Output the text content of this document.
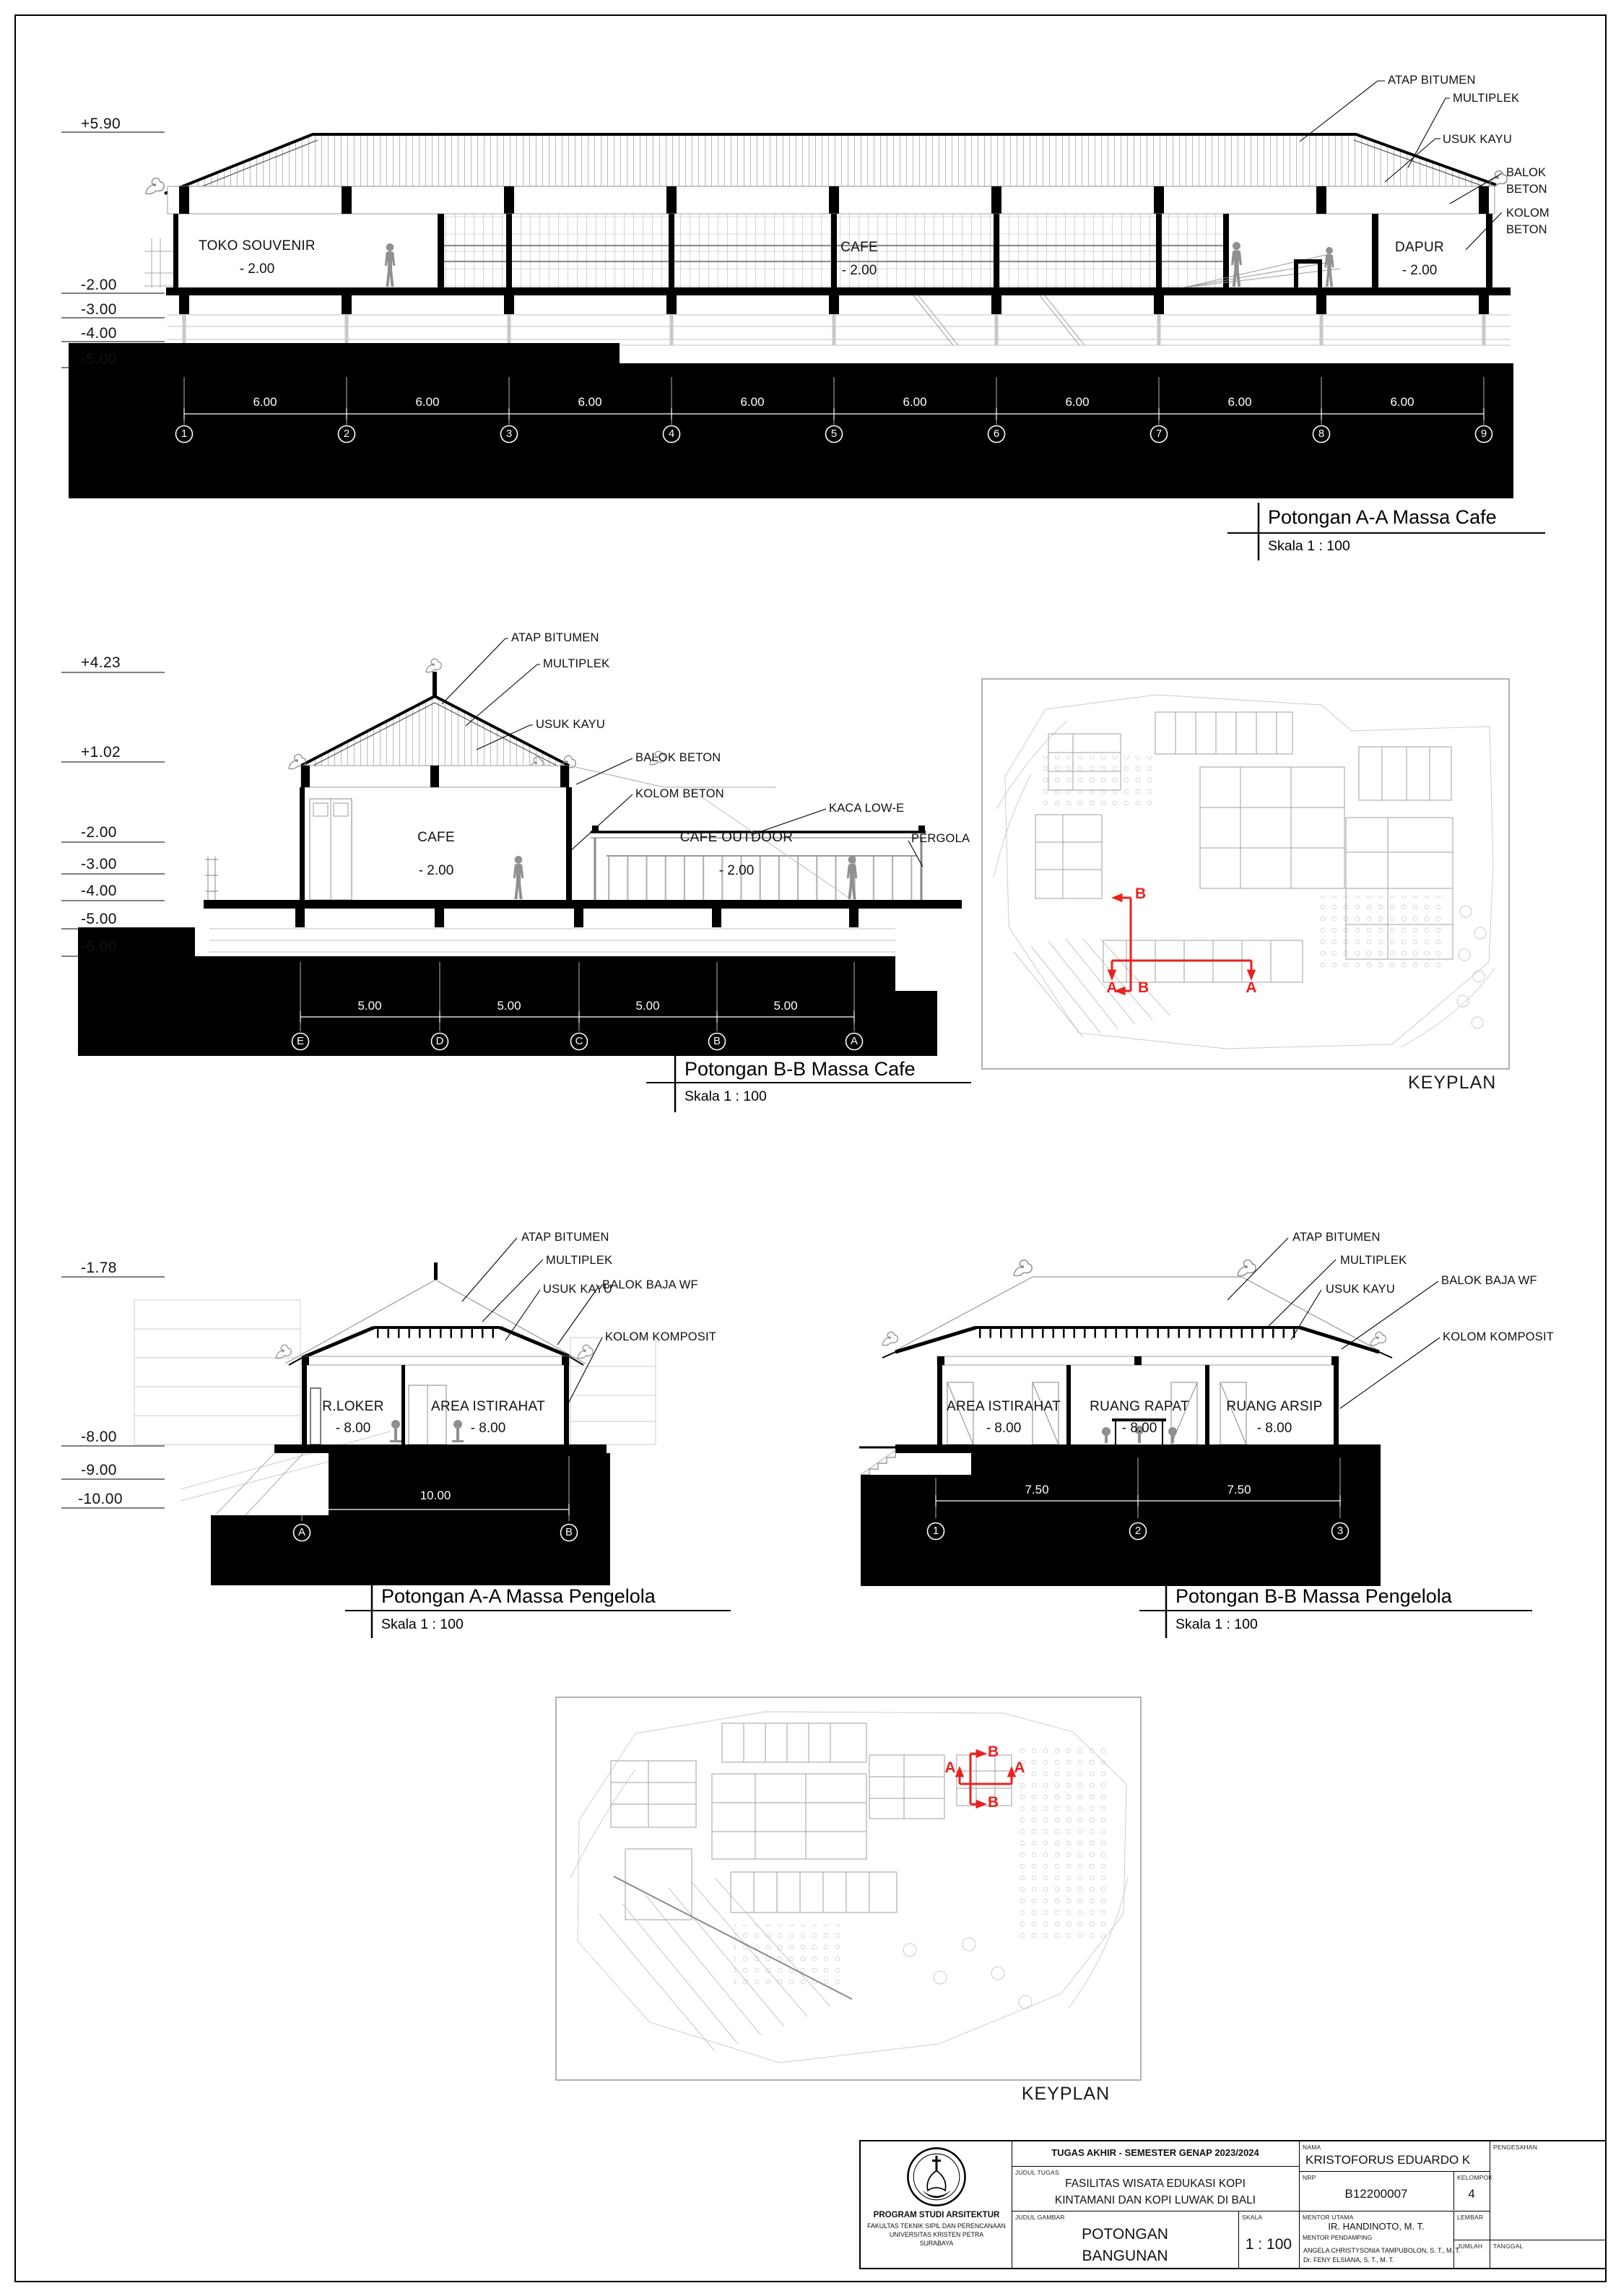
+5.90
-2.00
-3.00
-4.00
-5.00
TOKO SOUVENIR
- 2.00
CAFE
- 2.00
DAPUR
- 2.00
ATAP BITUMEN
MULTIPLEK
USUK KAYU
BALOK BETON
KOLOM BETON
6.00	6.00	6.00	6.00	6.00	6.00	6.00	6.00
1	2	3	4	5	6	7	8	9
Potongan A-A Massa Cafe
Skala 1 : 100
+4.23
+1.02
-2.00
-3.00
-4.00
-5.00
-6.00
CAFE
- 2.00
CAFE OUTDOOR
- 2.00
ATAP BITUMEN
MULTIPLEK
USUK KAYU
BALOK BETON
KOLOM BETON
KACA LOW-E
PERGOLA
5.00	5.00	5.00	5.00
E	D	C	B	A
Potongan B-B Massa Cafe
Skala 1 : 100
B
B
A	A
KEYPLAN
-1.78
-8.00
-9.00
-10.00
R.LOKER
- 8.00
AREA ISTIRAHAT
- 8.00
ATAP BITUMEN
MULTIPLEK
USUK KAYU
BALOK BAJA WF
KOLOM KOMPOSIT
10.00
A	B
Potongan A-A Massa Pengelola
Skala 1 : 100
AREA ISTIRAHAT
- 8.00
RUANG RAPAT
- 8.00
RUANG ARSIP
- 8.00
ATAP BITUMEN
MULTIPLEK
USUK KAYU
BALOK BAJA WF
KOLOM KOMPOSIT
7.50	7.50
1	2	3
Potongan B-B Massa Pengelola
Skala 1 : 100
B
B
A	A
KEYPLAN
PROGRAM STUDI ARSITEKTUR
FAKULTAS TEKNIK SIPIL DAN PERENCANAAN
UNIVERSITAS KRISTEN PETRA
SURABAYA
TUGAS AKHIR - SEMESTER GENAP 2023/2024
JUDUL TUGAS
FASILITAS WISATA EDUKASI KOPI
KINTAMANI DAN KOPI LUWAK DI BALI
JUDUL GAMBAR
POTONGAN
BANGUNAN
SKALA
1 : 100
NAMA
KRISTOFORUS EDUARDO K
NRP
B12200007
KELOMPOK
4
MENTOR UTAMA
IR. HANDINOTO, M. T.
MENTOR PENDAMPING
ANGELA CHRISTYSONIA TAMPUBOLON, S. T., M. T.
Dr. FENY ELSIANA, S. T., M. T.
LEMBAR
JUMLAH
PENGESAHAN
TANGGAL
